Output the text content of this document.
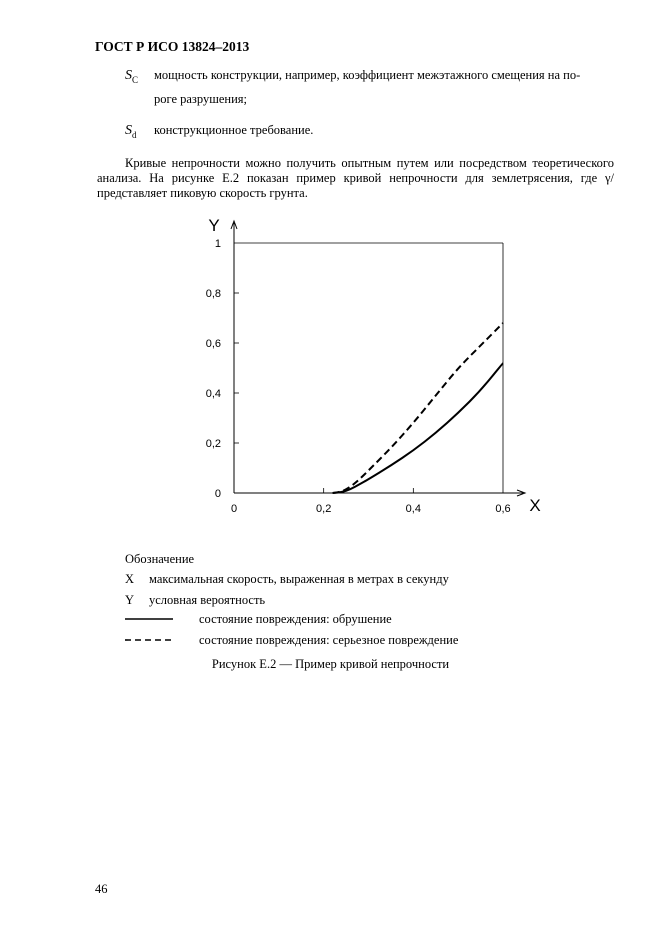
ГОСТ Р ИСО 13824–2013
$S_C$ мощность конструкции, например, коэффициент межэтажного смещения на по-
роге разрушения;
$S_d$ конструкционное требование.
Кривые непрочности можно получить опытным путем или посредством теоретического анализа. На рисунке Е.2 показан пример кривой непрочности для землетрясения, где γ/ представляет пиковую скорость грунта.
Y
X
0
0,2
0,4
0,6
0,8
1
0	0,2	0,4	0,6
Обозначение
X максимальная скорость, выраженная в метрах в секунду
Y условная вероятность
состояние повреждения: обрушение
состояние повреждения: серьезное повреждение
Рисунок Е.2 — Пример кривой непрочности
46
